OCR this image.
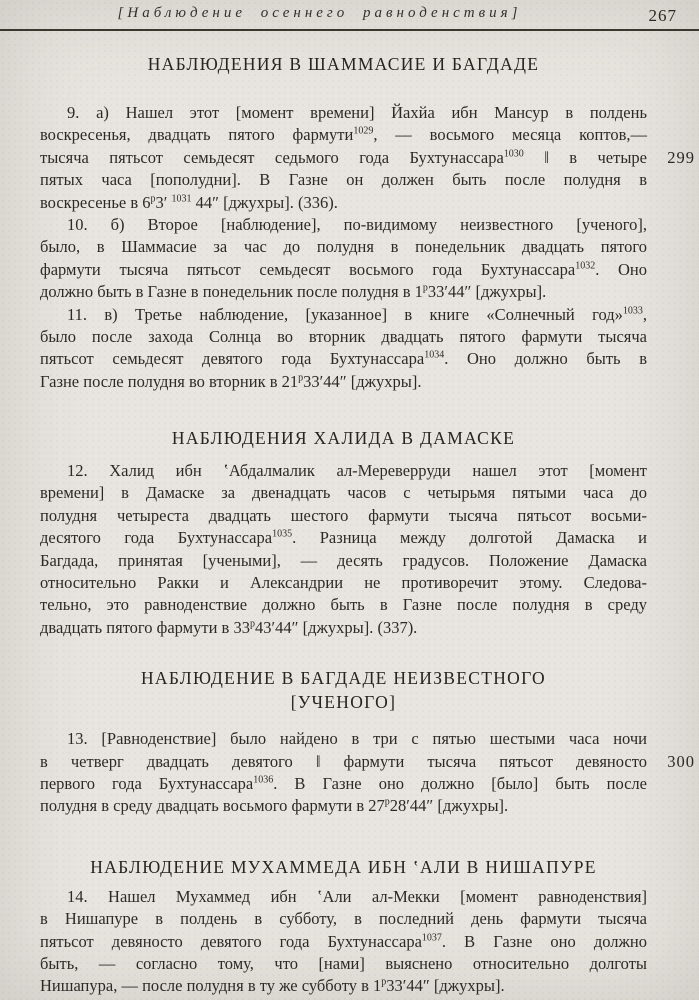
[Наблюдение осеннего равноденствия]	267
НАБЛЮДЕНИЯ В ШАММАСИЕ И БАГДАДЕ
9. а) Нашел этот [момент времени] Йахйа ибн Мансур в полдень
воскресенья, двадцать пятого фармути$^{1029}$, — восьмого месяца коптов,—
тысяча пятьсот семьдесят седьмого года Бухтунассара$^{1030}$ ‖ в четыре 299
пятых часа [пополудни]. В Газне он должен быть после полудня в
воскресенье в $6^р3'$ $^{1031}$ 44″ [джухры]. (336).
10. б) Второе [наблюдение], по-видимому неизвестного [ученого],
было, в Шаммасие за час до полудня в понедельник двадцать пятого
фармути тысяча пятьсот семьдесят восьмого года Бухтунассара$^{1032}$. Оно
должно быть в Газне в понедельник после полудня в $1^р33'44''$ [джухры].
11. в) Третье наблюдение, [указанное] в книге «Солнечный год»$^{1033}$,
было после захода Солнца во вторник двадцать пятого фармути тысяча
пятьсот семьдесят девятого года Бухтунассара$^{1034}$. Оно должно быть в
Газне после полудня во вторник в $21^р33'44''$ [джухры].
НАБЛЮДЕНИЯ ХАЛИДА В ДАМАСКЕ
12. Халид ибн ʽАбдалмалик ал-Мереверруди нашел этот [момент
времени] в Дамаске за двенадцать часов с четырьмя пятыми часа до
полудня четыреста двадцать шестого фармути тысяча пятьсот восьми-
десятого года Бухтунассара$^{1035}$. Разница между долготой Дамаска и
Багдада, принятая [учеными], — десять градусов. Положение Дамаска
относительно Ракки и Александрии не противоречит этому. Следова-
тельно, это равноденствие должно быть в Газне после полудня в среду
двадцать пятого фармути в $33^р43'44''$ [джухры]. (337).
НАБЛЮДЕНИЕ В БАГДАДЕ НЕИЗВЕСТНОГО
[УЧЕНОГО]
13. [Равноденствие] было найдено в три с пятью шестыми часа ночи
в четверг двадцать девятого ‖ фармути тысяча пятьсот девяносто 300
первого года Бухтунассара$^{1036}$. В Газне оно должно [было] быть после
полудня в среду двадцать восьмого фармути в $27^р28'44''$ [джухры].
НАБЛЮДЕНИЕ МУХАММЕДА ИБН ʽАЛИ В НИШАПУРЕ
14. Нашел Мухаммед ибн ʽАли ал-Мекки [момент равноденствия]
в Нишапуре в полдень в субботу, в последний день фармути тысяча
пятьсот девяносто девятого года Бухтунассара$^{1037}$. В Газне оно должно
быть, — согласно тому, что [нами] выяснено относительно долготы
Нишапура, — после полудня в ту же субботу в $1^р33'44''$ [джухры].
